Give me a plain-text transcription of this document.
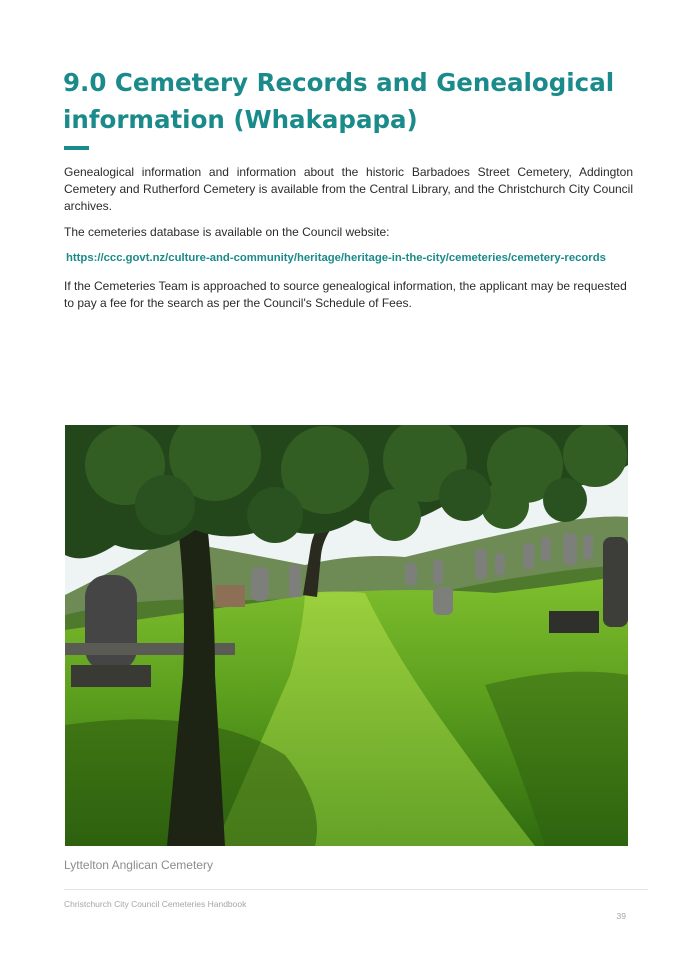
9.0 Cemetery Records and Genealogical information (Whakapapa)

Genealogical information and information about the historic Barbadoes Street Cemetery, Addington Cemetery and Rutherford Cemetery is available from the Central Library, and the Christchurch City Council archives.

The cemeteries database is available on the Council website:

https://ccc.govt.nz/culture-and-community/heritage/heritage-in-the-city/cemeteries/cemetery-records

If the Cemeteries Team is approached to source genealogical information, the applicant may be requested to pay a fee for the search as per the Council's Schedule of Fees.

Lyttelton Anglican Cemetery

Christchurch City Council Cemeteries Handbook

39
